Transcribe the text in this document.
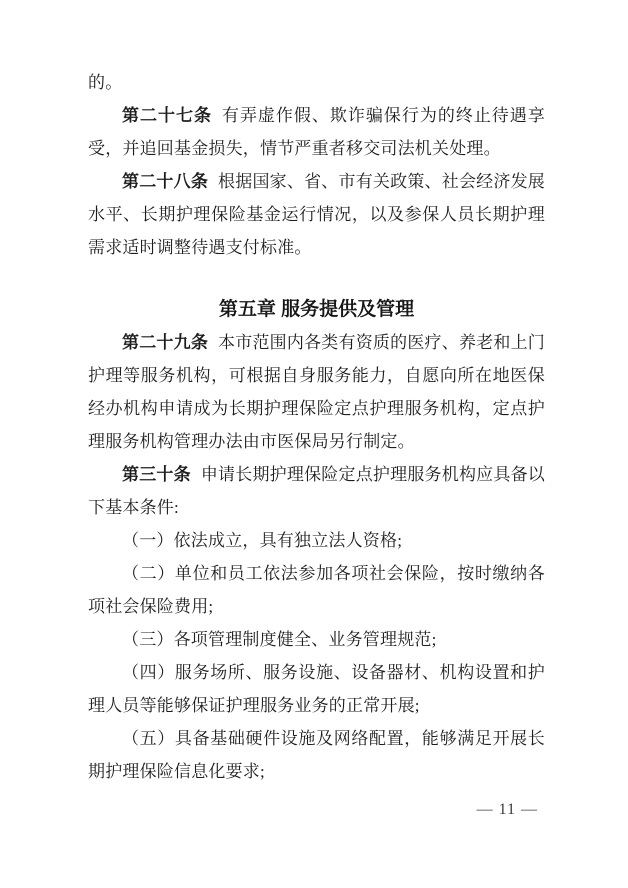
的。

第二十七条 有弄虚作假、欺诈骗保行为的终止待遇享受，并追回基金损失，情节严重者移交司法机关处理。

第二十八条 根据国家、省、市有关政策、社会经济发展水平、长期护理保险基金运行情况，以及参保人员长期护理需求适时调整待遇支付标准。

第五章 服务提供及管理

第二十九条 本市范围内各类有资质的医疗、养老和上门护理等服务机构，可根据自身服务能力，自愿向所在地医保经办机构申请成为长期护理保险定点护理服务机构，定点护理服务机构管理办法由市医保局另行制定。

第三十条 申请长期护理保险定点护理服务机构应具备以下基本条件:

（一）依法成立，具有独立法人资格;

（二）单位和员工依法参加各项社会保险，按时缴纳各项社会保险费用;

（三）各项管理制度健全、业务管理规范;

（四）服务场所、服务设施、设备器材、机构设置和护理人员等能够保证护理服务业务的正常开展;

（五）具备基础硬件设施及网络配置，能够满足开展长期护理保险信息化要求;

— 11 —
